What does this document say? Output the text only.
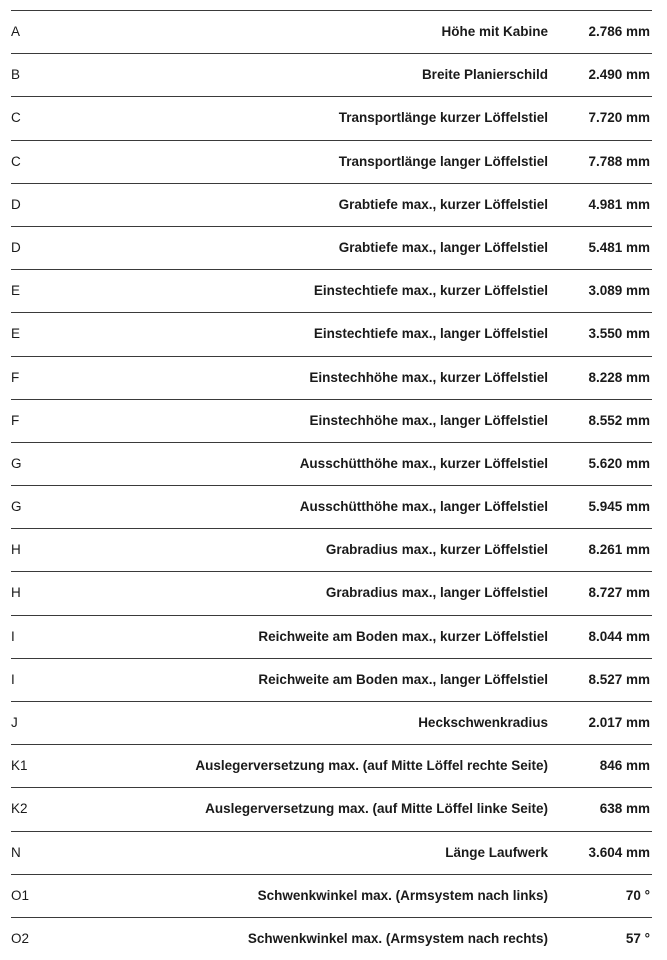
A	Höhe mit Kabine	2.786 mm
B	Breite Planierschild	2.490 mm
C	Transportlänge kurzer Löffelstiel	7.720 mm
C	Transportlänge langer Löffelstiel	7.788 mm
D	Grabtiefe max., kurzer Löffelstiel	4.981 mm
D	Grabtiefe max., langer Löffelstiel	5.481 mm
E	Einstechtiefe max., kurzer Löffelstiel	3.089 mm
E	Einstechtiefe max., langer Löffelstiel	3.550 mm
F	Einstechhöhe max., kurzer Löffelstiel	8.228 mm
F	Einstechhöhe max., langer Löffelstiel	8.552 mm
G	Ausschütthöhe max., kurzer Löffelstiel	5.620 mm
G	Ausschütthöhe max., langer Löffelstiel	5.945 mm
H	Grabradius max., kurzer Löffelstiel	8.261 mm
H	Grabradius max., langer Löffelstiel	8.727 mm
I	Reichweite am Boden max., kurzer Löffelstiel	8.044 mm
I	Reichweite am Boden max., langer Löffelstiel	8.527 mm
J	Heckschwenkradius	2.017 mm
K1	Auslegerversetzung max. (auf Mitte Löffel rechte Seite)	846 mm
K2	Auslegerversetzung max. (auf Mitte Löffel linke Seite)	638 mm
N	Länge Laufwerk	3.604 mm
O1	Schwenkwinkel max. (Armsystem nach links)	70 °
O2	Schwenkwinkel max. (Armsystem nach rechts)	57 °
